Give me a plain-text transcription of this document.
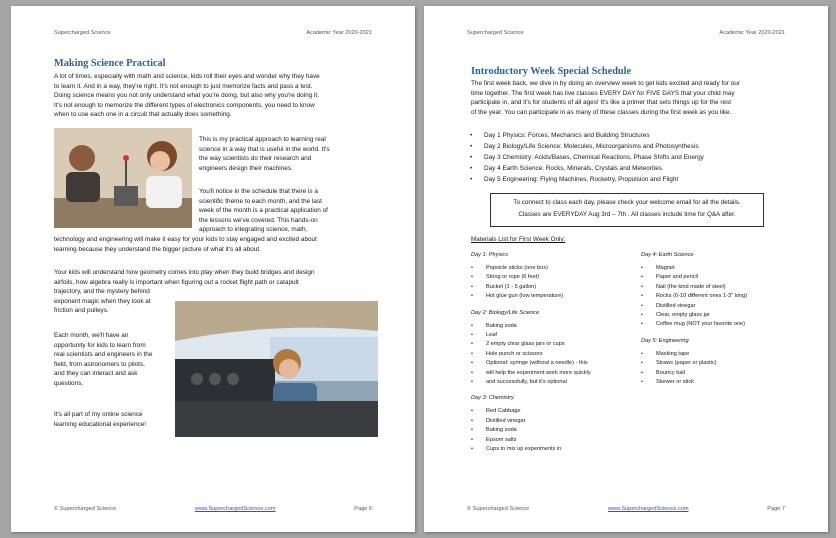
Supercharged Science	Academic Year 2020-2021
Making Science Practical
A lot of times, especially with math and science, kids roll their eyes and wonder why they have
to learn it. And in a way, they're right. It's not enough to just memorize facts and pass a test.
Doing science means you not only understand what you're doing, but also why you're doing it.
It's not enough to memorize the different types of electronics components, you need to know
when to use each one in a circuit that actually does something.
This is my practical approach to learning real
science in a way that is useful in the world. It's
the way scientists do their research and
engineers design their machines.
You'll notice in the schedule that there is a
scientific theme to each month, and the last
week of the month is a practical application of
the lessons we've covered. This hands-on
approach to integrating science, math,
technology and engineering will make it easy for your kids to stay engaged and excited about
learning because they understand the bigger picture of what it's all about.
Your kids will understand how geometry comes into play when they build bridges and design
airfoils, how algebra really is important when figuring out a rocket flight path or catapult
trajectory, and the mystery behind
exponent magic when they look at
friction and pulleys.
Each month, we'll have an
opportunity for kids to learn from
real scientists and engineers in the
field, from astronomers to pilots,
and they can interact and ask
questions.
It's all part of my online science
learning educational experience!
© Supercharged Science	www.SuperchargedScience.com	Page 6
Supercharged Science	Academic Year 2020-2021
Introductory Week Special Schedule
The first week back, we dive in by doing an overview week to get kids excited and ready for our
time together. The first week has live classes EVERY DAY for FIVE DAYS that your child may
participate in, and it's for students of all ages! It's like a primer that sets things up for the rest
of the year. You can participate in as many of these classes during the first week as you like.
• Day 1 Physics: Forces, Mechanics and Building Structures
• Day 2 Biology/Life Science: Molecules, Microorganisms and Photosynthesis
• Day 3 Chemistry: Acids/Bases, Chemical Reactions, Phase Shifts and Energy
• Day 4 Earth Science: Rocks, Minerals, Crystals and Meteorites
• Day 5 Engineering: Flying Machines, Rocketry, Propulsion and Flight
To connect to class each day, please check your welcome email for all the details.
Classes are EVERYDAY Aug 3rd – 7th . All classes include time for Q&A after.
Materials List for First Week Only:
Day 1: Physics
• Popsicle sticks (one box)
• String or rope (6 feet)
• Bucket (1 - 5 gallon)
• Hot glue gun (low temperature)
Day 2: Biology/Life Science
• Baking soda
• Leaf
• 2 empty clear glass jars or cups
• Hole punch or scissors
• Optional: syringe (without a needle) - this
• will help the experiment work more quickly
• and successfully, but it's optional
Day 3: Chemistry
• Red Cabbage
• Distilled vinegar
• Baking soda
• Epsom salts
• Cups to mix up experiments in
Day 4: Earth Science
• Magnet
• Paper and pencil
• Nail (the kind made of steel)
• Rocks (6-10 different ones 1-3" long)
• Distilled vinegar
• Clear, empty glass jar
• Coffee mug (NOT your favorite one)
Day 5: Engineering
• Masking tape
• Straws (paper or plastic)
• Bouncy ball
• Skewer or stick
© Supercharged Science	www.SuperchargedScience.com	Page 7
